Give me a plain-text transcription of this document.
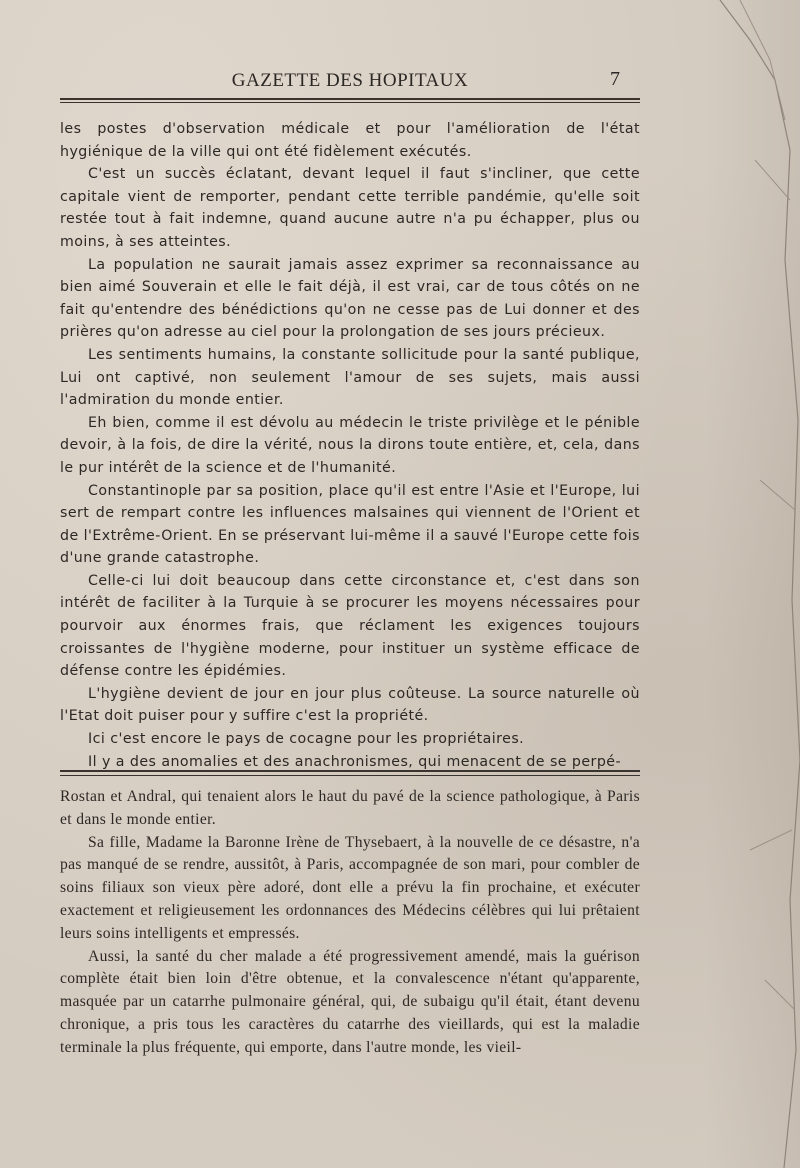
GAZETTE DES HOPITAUX	7

les postes d'observation médicale et pour l'amélioration de l'état hygiénique de la ville qui ont été fidèlement exécutés.

C'est un succès éclatant, devant lequel il faut s'incliner, que cette capitale vient de remporter, pendant cette terrible pandémie, qu'elle soit restée tout à fait indemne, quand aucune autre n'a pu échapper, plus ou moins, à ses atteintes.

La population ne saurait jamais assez exprimer sa reconnaissance au bien aimé Souverain et elle le fait déjà, il est vrai, car de tous côtés on ne fait qu'entendre des bénédictions qu'on ne cesse pas de Lui donner et des prières qu'on adresse au ciel pour la prolongation de ses jours précieux.

Les sentiments humains, la constante sollicitude pour la santé publique, Lui ont captivé, non seulement l'amour de ses sujets, mais aussi l'admiration du monde entier.

Eh bien, comme il est dévolu au médecin le triste privilège et le pénible devoir, à la fois, de dire la vérité, nous la dirons toute entière, et, cela, dans le pur intérêt de la science et de l'humanité.

Constantinople par sa position, place qu'il est entre l'Asie et l'Europe, lui sert de rempart contre les influences malsaines qui viennent de l'Orient et de l'Extrême-Orient. En se préservant lui-même il a sauvé l'Europe cette fois d'une grande catastrophe.

Celle-ci lui doit beaucoup dans cette circonstance et, c'est dans son intérêt de faciliter à la Turquie à se procurer les moyens nécessaires pour pourvoir aux énormes frais, que réclament les exigences toujours croissantes de l'hygiène moderne, pour instituer un système efficace de défense contre les épidémies.

L'hygiène devient de jour en jour plus coûteuse. La source naturelle où l'Etat doit puiser pour y suffire c'est la propriété.

Ici c'est encore le pays de cocagne pour les propriétaires.

Il y a des anomalies et des anachronismes, qui menacent de se perpé-

Rostan et Andral, qui tenaient alors le haut du pavé de la science pathologique, à Paris et dans le monde entier.

Sa fille, Madame la Baronne Irène de Thysebaert, à la nouvelle de ce désastre, n'a pas manqué de se rendre, aussitôt, à Paris, accompagnée de son mari, pour combler de soins filiaux son vieux père adoré, dont elle a prévu la fin prochaine, et exécuter exactement et religieusement les ordonnances des Médecins célèbres qui lui prêtaient leurs soins intelligents et empressés.

Aussi, la santé du cher malade a été progressivement amendé, mais la guérison complète était bien loin d'être obtenue, et la convalescence n'étant qu'apparente, masquée par un catarrhe pulmonaire général, qui, de subaigu qu'il était, étant devenu chronique, a pris tous les caractères du catarrhe des vieillards, qui est la maladie terminale la plus fréquente, qui emporte, dans l'autre monde, les vieil-
